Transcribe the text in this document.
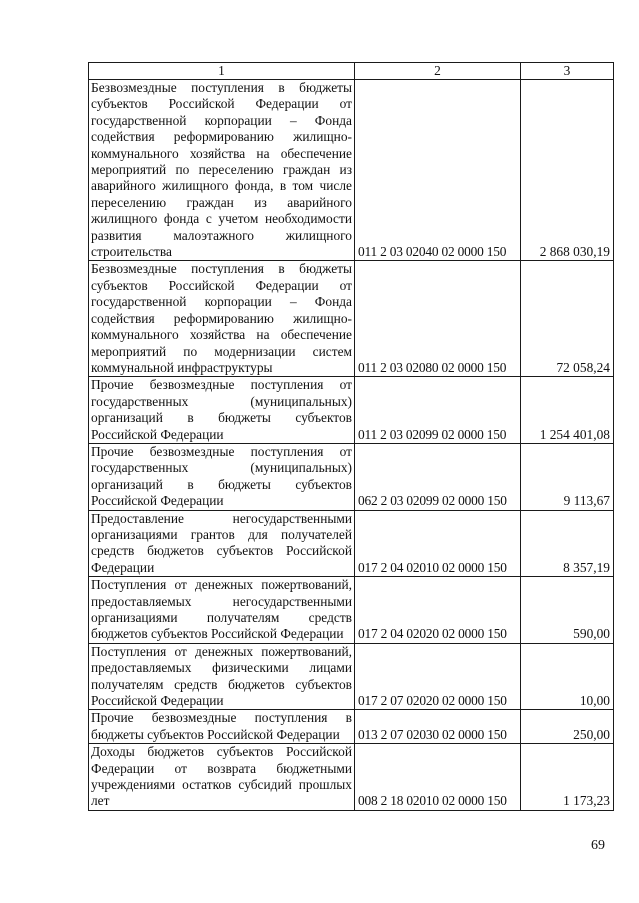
1	2	3
Безвозмездные поступления в бюджеты субъектов Российской Федерации от государственной корпорации – Фонда содействия реформированию жилищно-коммунального хозяйства на обеспечение мероприятий по переселению граждан из аварийного жилищного фонда, в том числе переселению граждан из аварийного жилищного фонда с учетом необходимости развития малоэтажного жилищного строительства	011 2 03 02040 02 0000 150	2 868 030,19
Безвозмездные поступления в бюджеты субъектов Российской Федерации от государственной корпорации – Фонда содействия реформированию жилищно-коммунального хозяйства на обеспечение мероприятий по модернизации систем коммунальной инфраструктуры	011 2 03 02080 02 0000 150	72 058,24
Прочие безвозмездные поступления от государственных (муниципальных) организаций в бюджеты субъектов Российской Федерации	011 2 03 02099 02 0000 150	1 254 401,08
Прочие безвозмездные поступления от государственных (муниципальных) организаций в бюджеты субъектов Российской Федерации	062 2 03 02099 02 0000 150	9 113,67
Предоставление негосударственными организациями грантов для получателей средств бюджетов субъектов Российской Федерации	017 2 04 02010 02 0000 150	8 357,19
Поступления от денежных пожертвований, предоставляемых негосударственными организациями получателям средств бюджетов субъектов Российской Федерации	017 2 04 02020 02 0000 150	590,00
Поступления от денежных пожертвований, предоставляемых физическими лицами получателям средств бюджетов субъектов Российской Федерации	017 2 07 02020 02 0000 150	10,00
Прочие безвозмездные поступления в бюджеты субъектов Российской Федерации	013 2 07 02030 02 0000 150	250,00
Доходы бюджетов субъектов Российской Федерации от возврата бюджетными учреждениями остатков субсидий прошлых лет	008 2 18 02010 02 0000 150	1 173,23
69
